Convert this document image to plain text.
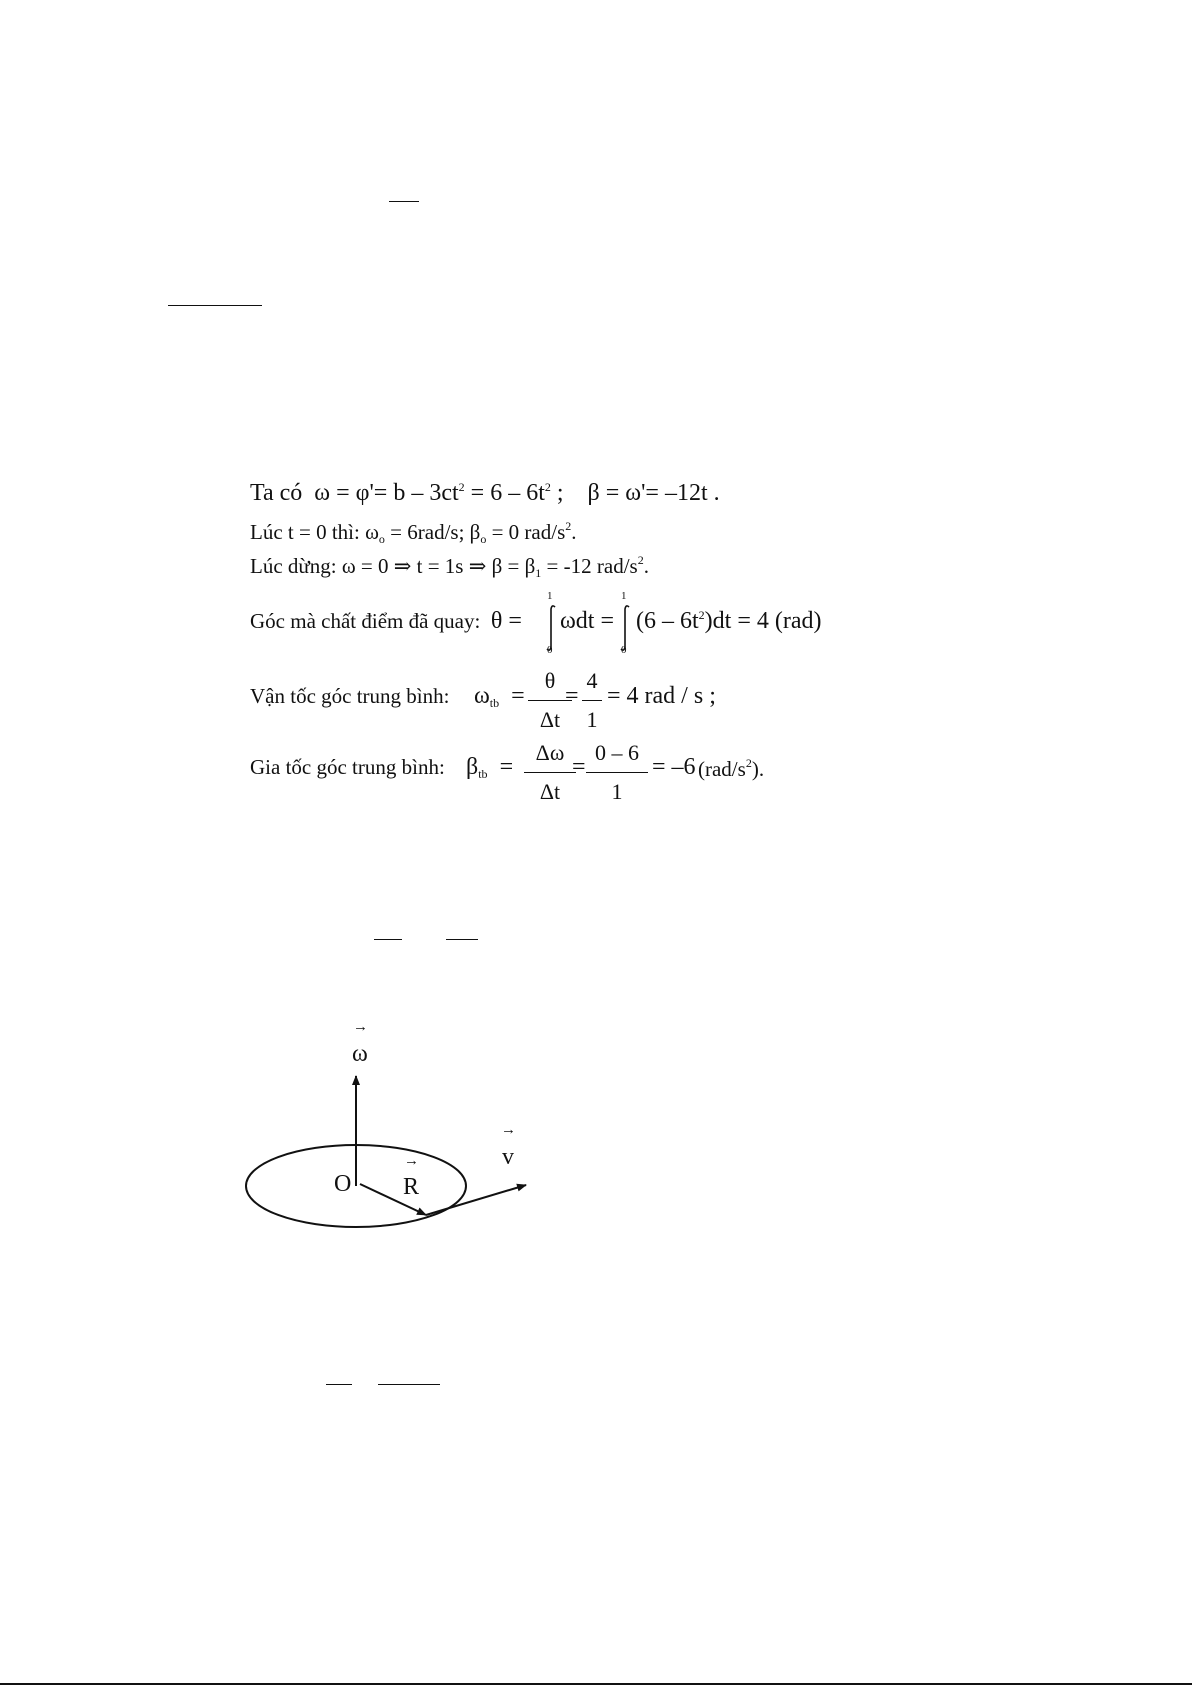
Ta có $\omega = \varphi'= b - 3ct^2 = 6 - 6t^2$ ; β = ω'= –12t .
Lúc t = 0 thì: $\omega_o = 6rad/s$; $\beta_o = 0$ rad/$s^2$.
Lúc dừng: ω = 0 ⇒ t = 1s ⇒ $\beta = \beta_1 = -12$ rad/$s^2$.
Góc mà chất điểm đã quay: θ =
1
0
ωdt =
1
0
$(6 - 6t^2)dt = 4$ (rad)
Vận tốc góc trung bình: $\omega_{tb} = \frac{\theta}{\Delta t}$
= $\frac{4}{1} = 4$ rad / s ;
Gia tốc góc trung bình: $\beta_{tb} = \frac{\Delta\omega}{\Delta t}$
= $\frac{0 - 6}{1} = -6$ $(rad/s^2)$.
→
ω
→
v
→
R
O
